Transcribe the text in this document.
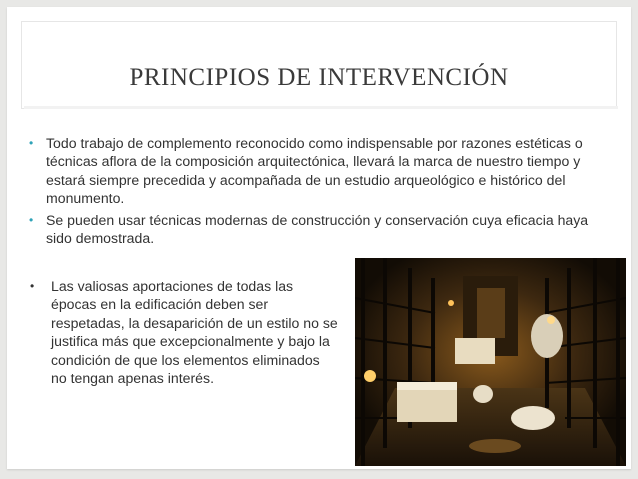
PRINCIPIOS DE INTERVENCIÓN
• Todo trabajo de complemento reconocido como indispensable por razones estéticas o técnicas aflora de la composición arquitectónica, llevará la marca de nuestro tiempo y estará siempre precedida y acompañada de un estudio arqueológico e histórico del monumento.
• Se pueden usar técnicas modernas de construcción y conservación cuya eficacia haya sido demostrada.
• Las valiosas aportaciones de todas las épocas en la edificación deben ser respetadas, la desaparición de un estilo no se justifica más que excepcionalmente y bajo la condición de que los elementos eliminados no tengan apenas interés.
